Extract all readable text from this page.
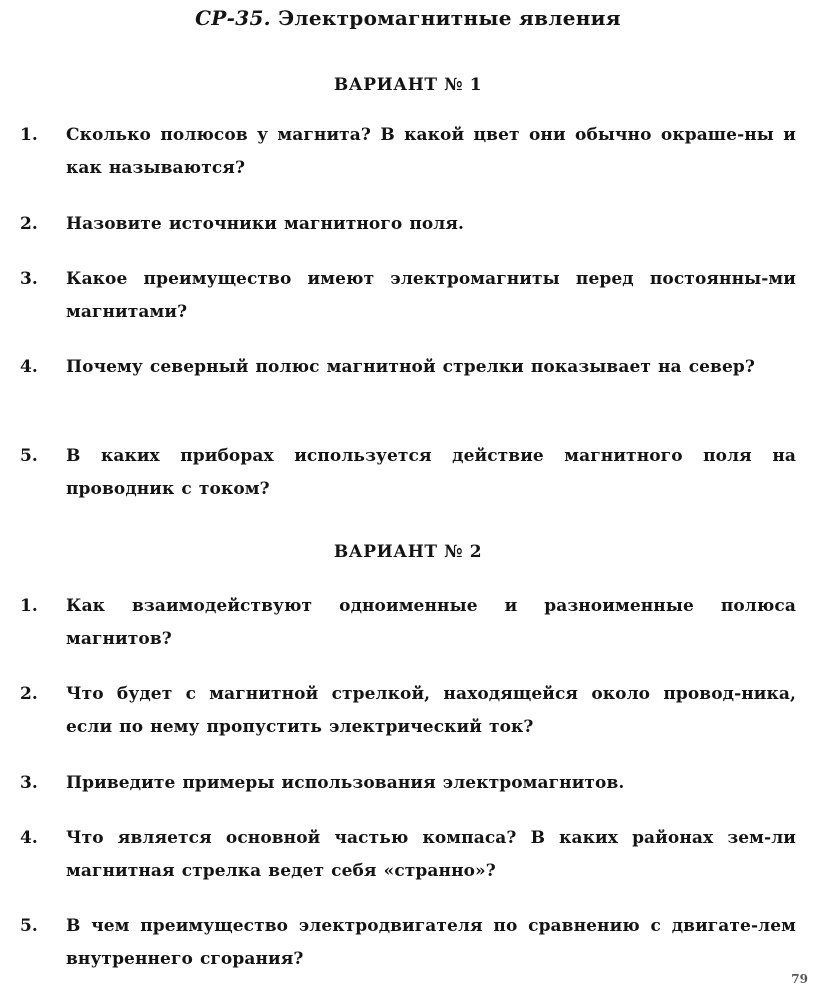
СР-35. Электромагнитные явления
ВАРИАНТ № 1
1. Сколько полюсов у магнита? В какой цвет они обычно окраше-ны и как называются?
2. Назовите источники магнитного поля.
3. Какое преимущество имеют электромагниты перед постоянны-ми магнитами?
4. Почему северный полюс магнитной стрелки показывает на север?
5. В каких приборах используется действие магнитного поля на проводник с током?
ВАРИАНТ № 2
1. Как взаимодействуют одноименные и разноименные полюса магнитов?
2. Что будет с магнитной стрелкой, находящейся около провод-ника, если по нему пропустить электрический ток?
3. Приведите примеры использования электромагнитов.
4. Что является основной частью компаса? В каких районах зем-ли магнитная стрелка ведет себя «странно»?
5. В чем преимущество электродвигателя по сравнению с двигате-лем внутреннего сгорания?
79
